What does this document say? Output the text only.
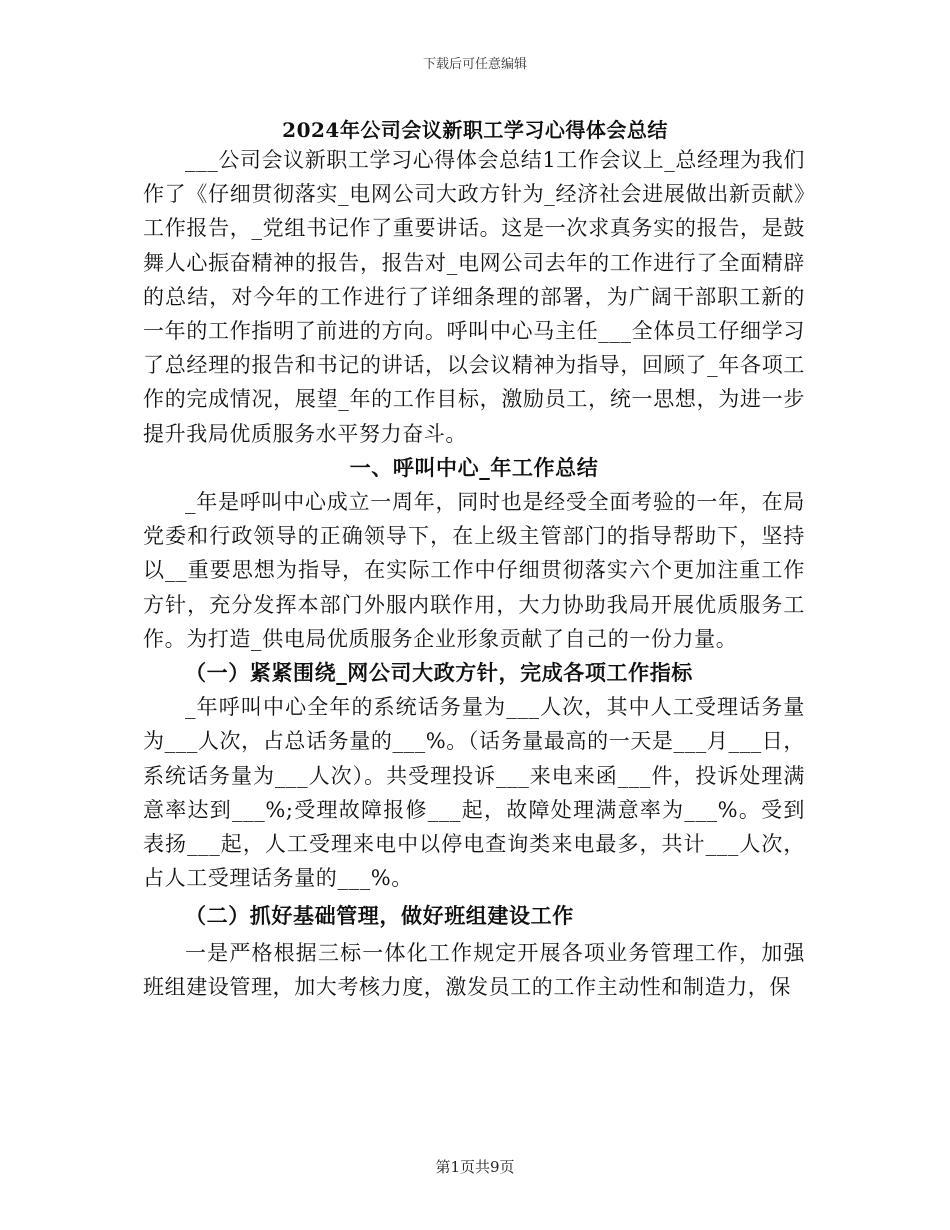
下载后可任意编辑
2024年公司会议新职工学习心得体会总结

___公司会议新职工学习心得体会总结1工作会议上_总经理为我们作了《仔细贯彻落实_电网公司大政方针为_经济社会进展做出新贡献》工作报告，_党组书记作了重要讲话。这是一次求真务实的报告，是鼓舞人心振奋精神的报告，报告对_电网公司去年的工作进行了全面精辟的总结，对今年的工作进行了详细条理的部署，为广阔干部职工新的一年的工作指明了前进的方向。呼叫中心马主任___全体员工仔细学习了总经理的报告和书记的讲话，以会议精神为指导，回顾了_年各项工作的完成情况，展望_年的工作目标，激励员工，统一思想，为进一步提升我局优质服务水平努力奋斗。

一、呼叫中心_年工作总结

_年是呼叫中心成立一周年，同时也是经受全面考验的一年，在局党委和行政领导的正确领导下，在上级主管部门的指导帮助下，坚持以__重要思想为指导，在实际工作中仔细贯彻落实六个更加注重工作方针，充分发挥本部门外服内联作用，大力协助我局开展优质服务工作。为打造_供电局优质服务企业形象贡献了自己的一份力量。

（一）紧紧围绕_网公司大政方针，完成各项工作指标

_年呼叫中心全年的系统话务量为___人次，其中人工受理话务量为___人次，占总话务量的___%。（话务量最高的一天是___月___日，系统话务量为___人次）。共受理投诉___来电来函___件，投诉处理满意率达到___%;受理故障报修___起，故障处理满意率为___%。受到表扬___起，人工受理来电中以停电查询类来电最多，共计___人次，占人工受理话务量的___%。

（二）抓好基础管理，做好班组建设工作

一是严格根据三标一体化工作规定开展各项业务管理工作，加强班组建设管理，加大考核力度，激发员工的工作主动性和制造力，保

第1页共9页
